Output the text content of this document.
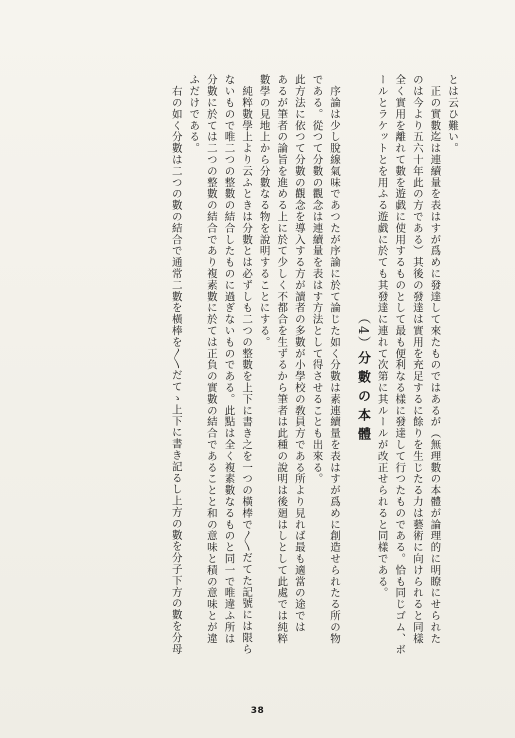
とは云ひ難い。
　正の實數迄は連續量を表はすが爲めに發達して來たものではあるが（無理數の本體が論理的に明瞭にせられた
のは今より五六十年此の方である）其後の發達は實用を充足するに餘りを生じたる力は藝術に向けられると同樣
全く實用を離れて數を遊戯に使用するものとして最も便利なる樣に發達して行つたものである。恰も同じゴム、ボ
ールとラケットとを用ふる遊戯に於ても其發達に連れて次第に其ルールが改正せられると同樣である。
（4）分數の本體
　序論は少し脫線氣味であつたが序論に於て論じた如く分數は素連續量を表はすが爲めに創造せられたる所の物
である。從つて分數の觀念は連續量を表はす方法として得させることも出來る。
此方法に依つて分數の觀念を導入する方が讀者の多數が小學校の敎員方である所より見れば最も適當の途では
あるが筆者の論旨を進める上に於て少しく不都合を生ずるから筆者は此種の說明は後廻はしとして此處では純粹
數學の見地上から分數なる物を說明することにする。
　純粹數學上より云ふときは分數とは必ずしも二つの整數を上下に書き之を一つの橫棒で〳〵だてた記號には限ら
ないもので唯二つの整數の結合したものに過ぎないものである。此點は全く複素數なるものと同一で唯違ふ所は
分數に於ては二つの整數の結合であり複素數に於ては正負の實數の結合であることと和の意味と積の意味とが違
ふだけである。
　右の如く分數は二つの數の結合で通常二數を橫棒を〳〵だてゝ上下に書き記るし上方の數を分子下方の數を分母
38
